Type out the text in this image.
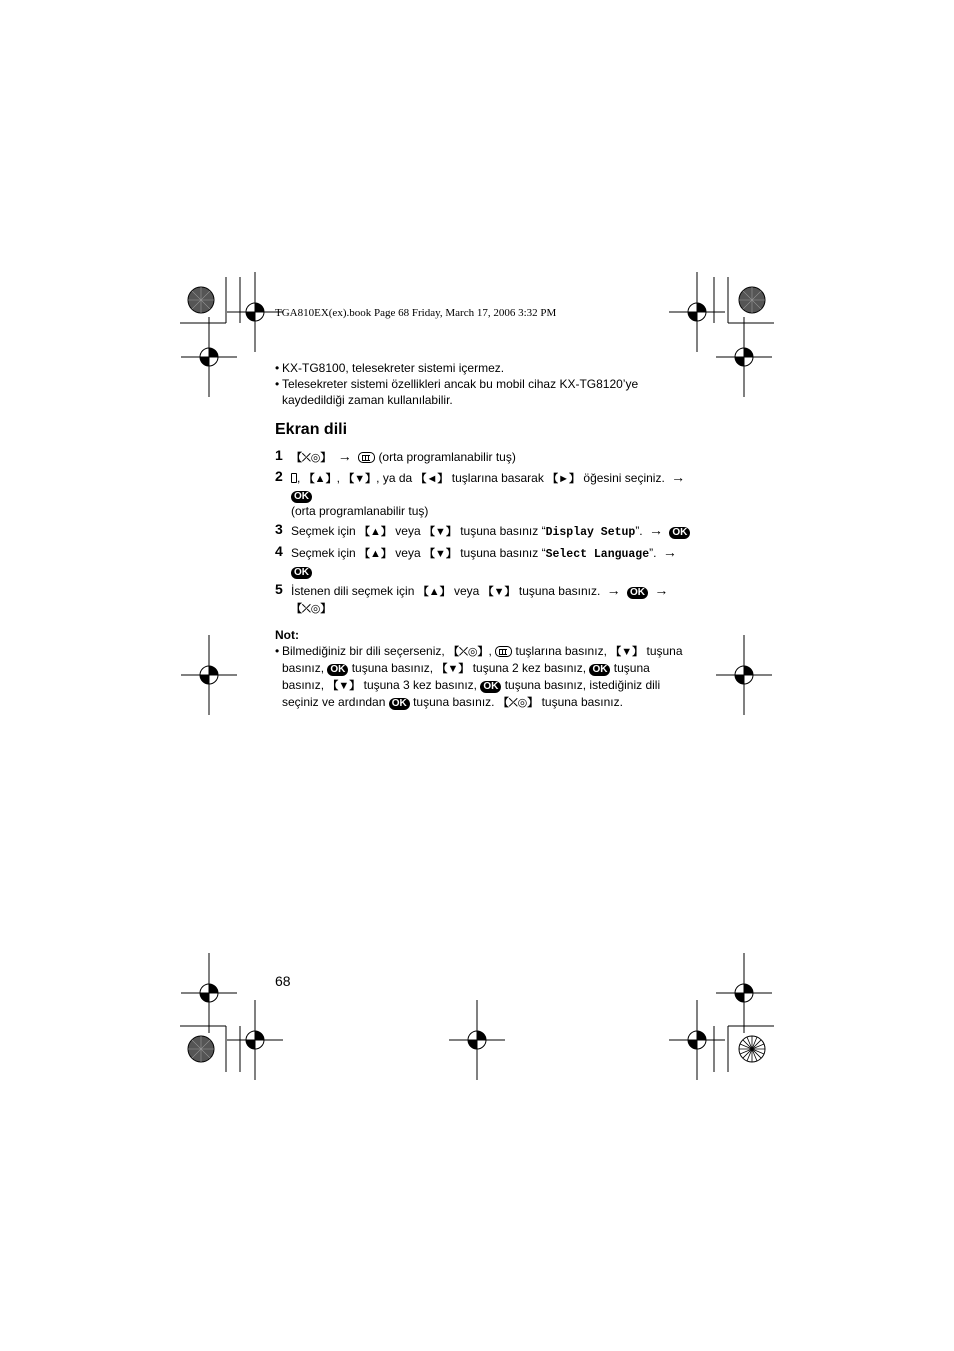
TGA810EX(ex).book Page 68 Friday, March 17, 2006 3:32 PM
• KX-TG8100, telesekreter sistemi içermez.
• Telesekreter sistemi özellikleri ancak bu mobil cihaz KX-TG8120’ye kaydedildiği zaman kullanılabilir.
Ekran dili
1 【⤫◎】 → (orta programlanabilir tuş)
2 , 【▲】, 【▼】, ya da 【◄】 tuşlarına basarak 【►】 öğesini seçiniz. → OK
(orta programlanabilir tuş)
3 Seçmek için 【▲】 veya 【▼】 tuşuna basınız “Display Setup”. → OK
4 Seçmek için 【▲】 veya 【▼】 tuşuna basınız “Select Language”. → OK
5 İstenen dili seçmek için 【▲】 veya 【▼】 tuşuna basınız. → OK →
【⤫◎】
Not:
• Bilmediğiniz bir dili seçerseniz, 【⤫◎】, tuşlarına basınız, 【▼】 tuşuna basınız, OK tuşuna basınız, 【▼】 tuşuna 2 kez basınız, OK tuşuna basınız, 【▼】 tuşuna 3 kez basınız, OK tuşuna basınız, istediğiniz dili seçiniz ve ardından OK tuşuna basınız. 【⤫◎】 tuşuna basınız.
68
